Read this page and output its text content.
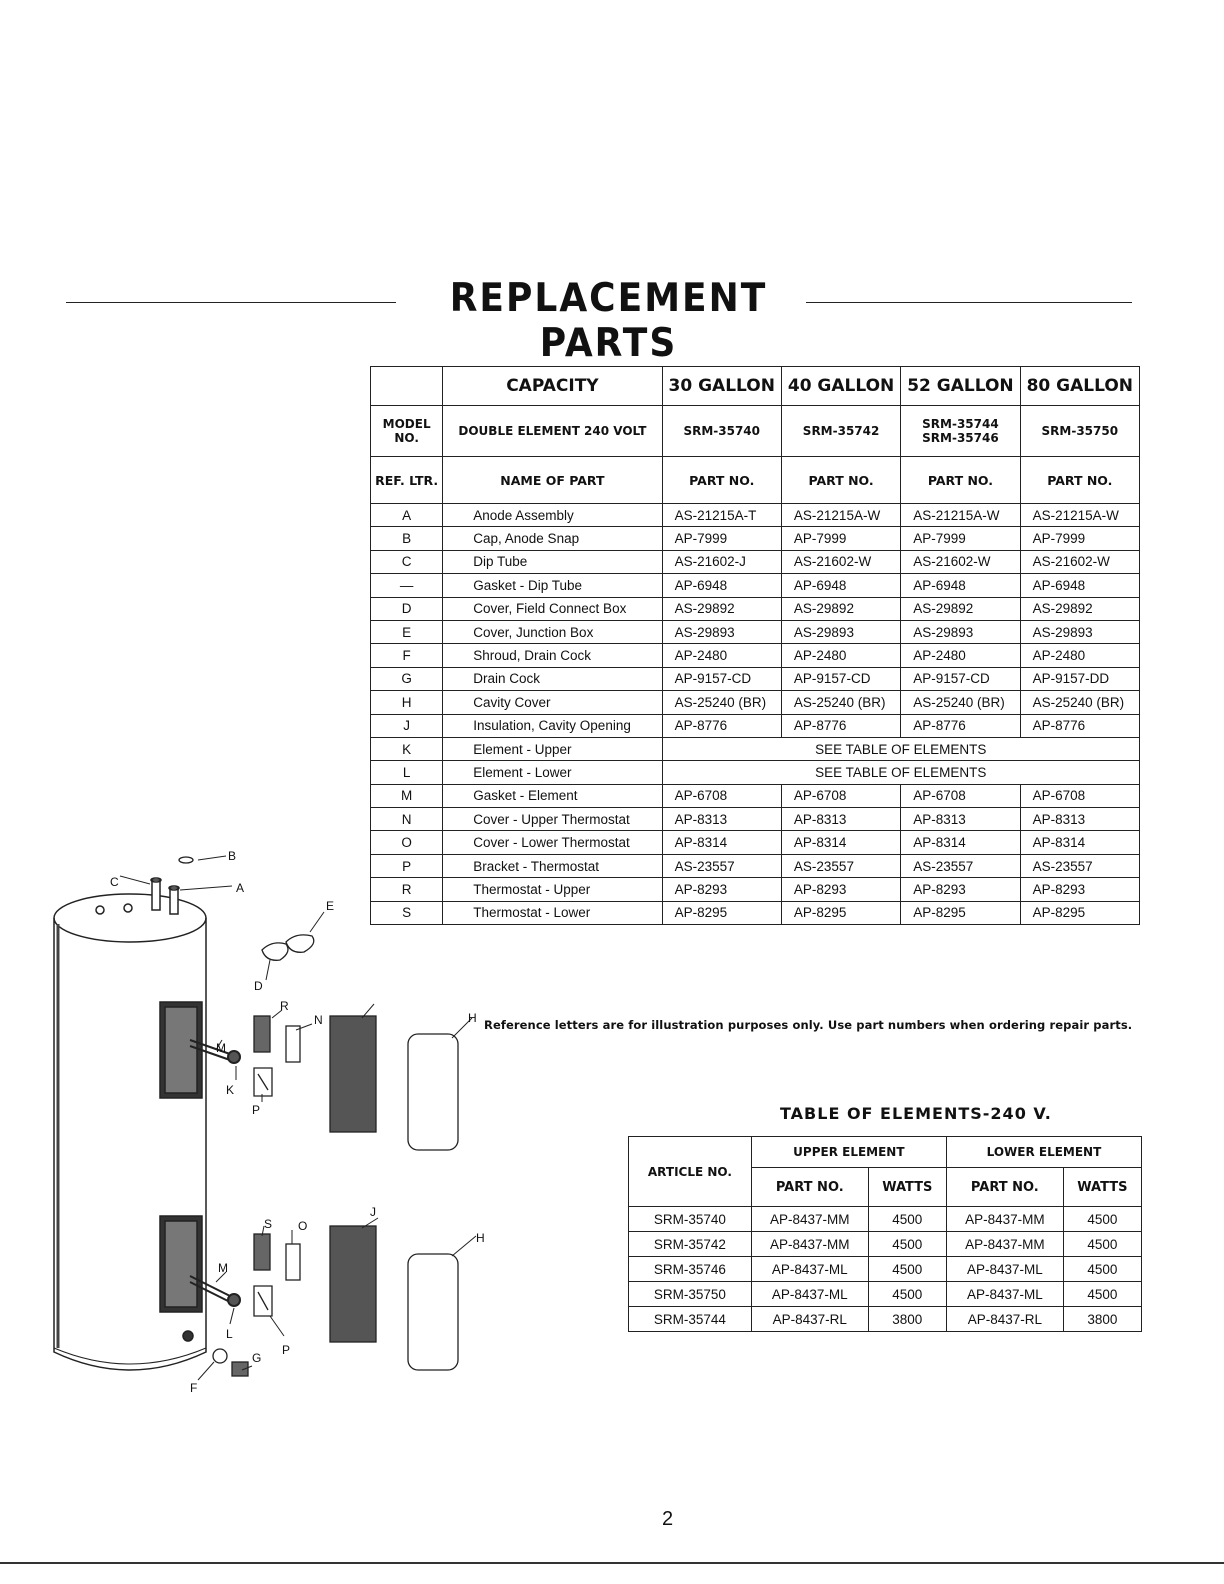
REPLACEMENT PARTS
	CAPACITY	30 GALLON	40 GALLON	52 GALLON	80 GALLON
MODEL NO.	DOUBLE ELEMENT 240 VOLT	SRM-35740	SRM-35742	SRM-35744 SRM-35746	SRM-35750
REF. LTR.	NAME OF PART	PART NO.	PART NO.	PART NO.	PART NO.
A	Anode Assembly	AS-21215A-T	AS-21215A-W	AS-21215A-W	AS-21215A-W
B	Cap, Anode Snap	AP-7999	AP-7999	AP-7999	AP-7999
C	Dip Tube	AS-21602-J	AS-21602-W	AS-21602-W	AS-21602-W
—	Gasket - Dip Tube	AP-6948	AP-6948	AP-6948	AP-6948
D	Cover, Field Connect Box	AS-29892	AS-29892	AS-29892	AS-29892
E	Cover, Junction Box	AS-29893	AS-29893	AS-29893	AS-29893
F	Shroud, Drain Cock	AP-2480	AP-2480	AP-2480	AP-2480
G	Drain Cock	AP-9157-CD	AP-9157-CD	AP-9157-CD	AP-9157-DD
H	Cavity Cover	AS-25240 (BR)	AS-25240 (BR)	AS-25240 (BR)	AS-25240 (BR)
J	Insulation, Cavity Opening	AP-8776	AP-8776	AP-8776	AP-8776
K	Element - Upper	SEE TABLE OF ELEMENTS			
L	Element - Lower	SEE TABLE OF ELEMENTS			
M	Gasket - Element	AP-6708	AP-6708	AP-6708	AP-6708
N	Cover - Upper Thermostat	AP-8313	AP-8313	AP-8313	AP-8313
O	Cover - Lower Thermostat	AP-8314	AP-8314	AP-8314	AP-8314
P	Bracket - Thermostat	AS-23557	AS-23557	AS-23557	AS-23557
R	Thermostat - Upper	AP-8293	AP-8293	AP-8293	AP-8293
S	Thermostat - Lower	AP-8295	AP-8295	AP-8295	AP-8295
Reference letters are for illustration purposes only. Use part numbers when ordering repair parts.
TABLE OF ELEMENTS-240 V.
ARTICLE NO.	UPPER ELEMENT		LOWER ELEMENT	
	PART NO.	WATTS	PART NO.	WATTS
SRM-35740	AP-8437-MM	4500	AP-8437-MM	4500
SRM-35742	AP-8437-MM	4500	AP-8437-MM	4500
SRM-35746	AP-8437-ML	4500	AP-8437-ML	4500
SRM-35750	AP-8437-ML	4500	AP-8437-ML	4500
SRM-35744	AP-8437-RL	3800	AP-8437-RL	3800
C	A
B
E
D
R
N
M
K
P
H
J
H
S O
M
L
P
G
F
2
